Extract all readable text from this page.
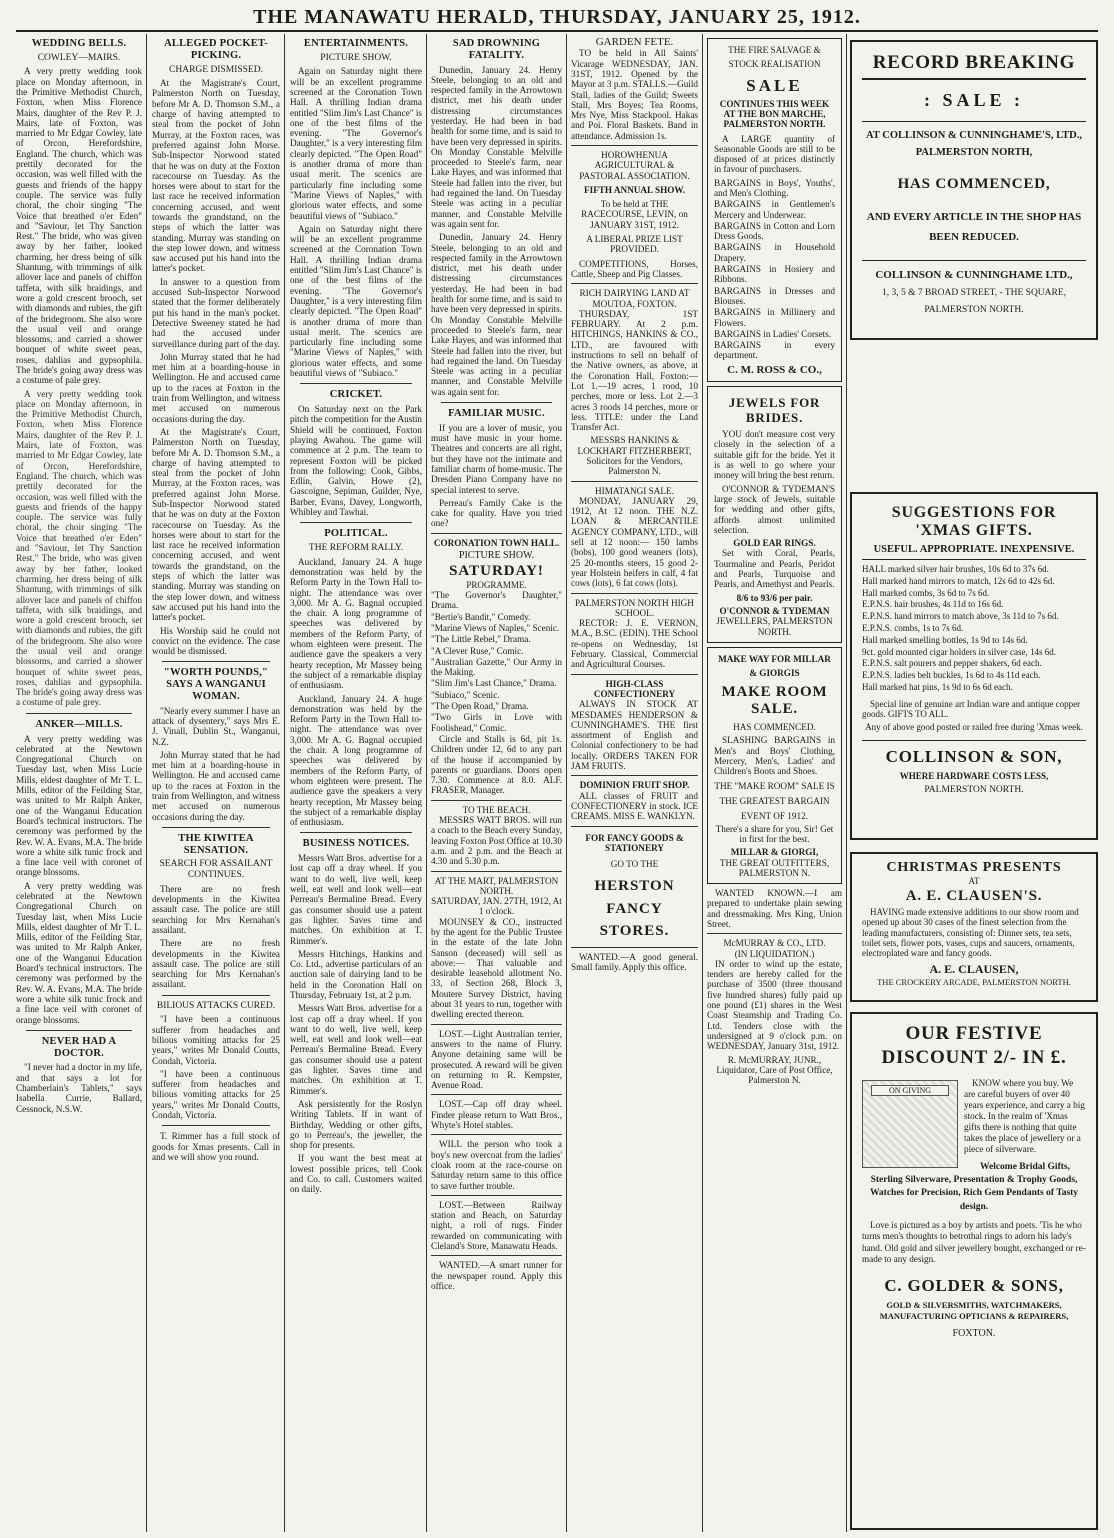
THE MANAWATU HERALD, THURSDAY, JANUARY 25, 1912.
WEDDING BELLS.
COWLEY—MAIRS.

A very pretty wedding took place on Monday afternoon, in the Primitive Methodist Church, Foxton, when Miss Florence Mairs, daughter of the Rev P. J. Mairs, late of Foxton, was married to Mr Edgar Cowley, late of Orcon, Herefordshire, England. The church, which was prettily decorated for the occasion, was well filled with the guests and friends of the happy couple. The service was fully choral, the choir singing "The Voice that breathed o'er Eden" and "Saviour, let Thy Sanction Rest." The bride, who was given away by her father, looked charming, her dress being of silk Shantung, with trimmings of silk allover lace and panels of chiffon taffeta, with silk braidings, and wore a gold crescent brooch, set with diamonds and rubies, the gift of the bridegroom. She also wore the usual veil and orange blossoms, and carried a shower bouquet of white sweet peas, roses, dahlias and gypsophila. The bride's going away dress was a costume of pale grey.

A very pretty wedding took place on Monday afternoon, in the Primitive Methodist Church, Foxton, when Miss Florence Mairs, daughter of the Rev P. J. Mairs, late of Foxton, was married to Mr Edgar Cowley, late of Orcon, Herefordshire, England. The church, which was prettily decorated for the occasion, was well filled with the guests and friends of the happy couple. The service was fully choral, the choir singing "The Voice that breathed o'er Eden" and "Saviour, let Thy Sanction Rest." The bride, who was given away by her father, looked charming, her dress being of silk Shantung, with trimmings of silk allover lace and panels of chiffon taffeta, with silk braidings, and wore a gold crescent brooch, set with diamonds and rubies, the gift of the bridegroom. She also wore the usual veil and orange blossoms, and carried a shower bouquet of white sweet peas, roses, dahlias and gypsophila. The bride's going away dress was a costume of pale grey.

ANKER—MILLS.

A very pretty wedding was celebrated at the Newtown Congregational Church on Tuesday last, when Miss Lucie Mills, eldest daughter of Mr T. L. Mills, editor of the Feilding Star, was united to Mr Ralph Anker, one of the Wanganui Education Board's technical instructors. The ceremony was performed by the Rev. W. A. Evans, M.A. The bride wore a white silk tunic frock and a fine lace veil with coronet of orange blossoms.

A very pretty wedding was celebrated at the Newtown Congregational Church on Tuesday last, when Miss Lucie Mills, eldest daughter of Mr T. L. Mills, editor of the Feilding Star, was united to Mr Ralph Anker, one of the Wanganui Education Board's technical instructors. The ceremony was performed by the Rev. W. A. Evans, M.A. The bride wore a white silk tunic frock and a fine lace veil with coronet of orange blossoms.

NEVER HAD A DOCTOR.

"I never had a doctor in my life, and that says a lot for Chamberlain's Tablets," says Isabella Currie, Ballard, Cessnock, N.S.W.

ALLEGED POCKET-PICKING.
CHARGE DISMISSED.

At the Magistrate's Court, Palmerston North on Tuesday, before Mr A. D. Thomson S.M., a charge of having attempted to steal from the pocket of John Murray, at the Foxton races, was preferred against John Morse. Sub-Inspector Norwood stated that he was on duty at the Foxton racecourse on Tuesday. As the horses were about to start for the last race he received information concerning accused, and went towards the grandstand, on the steps of which the latter was standing. Murray was standing on the step lower down, and witness saw accused put his hand into the latter's pocket.

In answer to a question from accused Sub-Inspector Norwood stated that the former deliberately put his hand in the man's pocket. Detective Sweeney stated he had had the accused under surveillance during part of the day.

John Murray stated that he had met him at a boarding-house in Wellington. He and accused came up to the races at Foxton in the train from Wellington, and witness met accused on numerous occasions during the day.

At the Magistrate's Court, Palmerston North on Tuesday, before Mr A. D. Thomson S.M., a charge of having attempted to steal from the pocket of John Murray, at the Foxton races, was preferred against John Morse. Sub-Inspector Norwood stated that he was on duty at the Foxton racecourse on Tuesday. As the horses were about to start for the last race he received information concerning accused, and went towards the grandstand, on the steps of which the latter was standing. Murray was standing on the step lower down, and witness saw accused put his hand into the latter's pocket.

His Worship said he could not convict on the evidence. The case would be dismissed.

"WORTH POUNDS," SAYS A WANGANUI WOMAN.

"Nearly every summer I have an attack of dysentery," says Mrs E. J. Vinall, Dublin St., Wanganui, N.Z.

John Murray stated that he had met him at a boarding-house in Wellington. He and accused came up to the races at Foxton in the train from Wellington, and witness met accused on numerous occasions during the day.

THE KIWITEA SENSATION.
SEARCH FOR ASSAILANT CONTINUES.

There are no fresh developments in the Kiwitea assault case. The police are still searching for Mrs Kernahan's assailant.

There are no fresh developments in the Kiwitea assault case. The police are still searching for Mrs Kernahan's assailant.

BILIOUS ATTACKS CURED.

"I have been a continuous sufferer from headaches and bilious vomiting attacks for 25 years," writes Mr Donald Coutts, Condah, Victoria.

"I have been a continuous sufferer from headaches and bilious vomiting attacks for 25 years," writes Mr Donald Coutts, Condah, Victoria.

T. Rimmer has a full stock of goods for Xmas presents. Call in and we will show you round.

ENTERTAINMENTS.
PICTURE SHOW.

Again on Saturday night there will be an excellent programme screened at the Coronation Town Hall. A thrilling Indian drama entitled "Slim Jim's Last Chance" is one of the best films of the evening. "The Governor's Daughter," is a very interesting film clearly depicted. "The Open Road" is another drama of more than usual merit. The scenics are particularly fine including some "Marine Views of Naples," with glorious water effects, and some beautiful views of "Subiaco."

Again on Saturday night there will be an excellent programme screened at the Coronation Town Hall. A thrilling Indian drama entitled "Slim Jim's Last Chance" is one of the best films of the evening. "The Governor's Daughter," is a very interesting film clearly depicted. "The Open Road" is another drama of more than usual merit. The scenics are particularly fine including some "Marine Views of Naples," with glorious water effects, and some beautiful views of "Subiaco."

CRICKET.

On Saturday next on the Park pitch the competition for the Austin Shield will be continued, Foxton playing Awahou. The game will commence at 2 p.m. The team to represent Foxton will be picked from the following: Cook, Gibbs, Edlin, Galvin, Howe (2), Gascoigne, Sepiman, Guilder, Nye, Barber, Evans, Davey, Longworth, Whibley and Tawhai.

POLITICAL.
THE REFORM RALLY.

Auckland, January 24. A huge demonstration was held by the Reform Party in the Town Hall to-night. The attendance was over 3,000. Mr A. G. Bagnal occupied the chair. A long programme of speeches was delivered by members of the Reform Party, of whom eighteen were present. The audience gave the speakers a very hearty reception, Mr Massey being the subject of a remarkable display of enthusiasm.

Auckland, January 24. A huge demonstration was held by the Reform Party in the Town Hall to-night. The attendance was over 3,000. Mr A. G. Bagnal occupied the chair. A long programme of speeches was delivered by members of the Reform Party, of whom eighteen were present. The audience gave the speakers a very hearty reception, Mr Massey being the subject of a remarkable display of enthusiasm.

BUSINESS NOTICES.

Messrs Watt Bros. advertise for a lost cap off a dray wheel. If you want to do well, live well, keep well, eat well and look well—eat Perreau's Bermaline Bread. Every gas consumer should use a patent gas lighter. Saves time and matches. On exhibition at T. Rimmer's.

Messrs Hitchings, Hankins and Co. Ltd., advertise particulars of an auction sale of dairying land to be held in the Coronation Hall on Thursday, February 1st, at 2 p.m.

Messrs Watt Bros. advertise for a lost cap off a dray wheel. If you want to do well, live well, keep well, eat well and look well—eat Perreau's Bermaline Bread. Every gas consumer should use a patent gas lighter. Saves time and matches. On exhibition at T. Rimmer's.

Ask persistently for the Roslyn Writing Tablets. If in want of Birthday, Wedding or other gifts, go to Perreau's, the jeweller, the shop for presents.

If you want the best meat at lowest possible prices, tell Cook and Co. to call. Customers waited on daily.

SAD DROWNING FATALITY.

Dunedin, January 24. Henry Steele, belonging to an old and respected family in the Arrowtown district, met his death under distressing circumstances yesterday. He had been in bad health for some time, and is said to have been very depressed in spirits. On Monday Constable Melville proceeded to Steele's farm, near Lake Hayes, and was informed that Steele had fallen into the river, but had regained the land. On Tuesday Steele was acting in a peculiar manner, and Constable Melville was again sent for.

Dunedin, January 24. Henry Steele, belonging to an old and respected family in the Arrowtown district, met his death under distressing circumstances yesterday. He had been in bad health for some time, and is said to have been very depressed in spirits. On Monday Constable Melville proceeded to Steele's farm, near Lake Hayes, and was informed that Steele had fallen into the river, but had regained the land. On Tuesday Steele was acting in a peculiar manner, and Constable Melville was again sent for.

FAMILIAR MUSIC.

If you are a lover of music, you must have music in your home. Theatres and concerts are all right, but they have not the intimate and familiar charm of home-music. The Dresden Piano Company have no special interest to serve.

Perreau's Family Cake is the cake for quality. Have you tried one?

CORONATION TOWN HALL.
PICTURE SHOW.
SATURDAY!
PROGRAMME.
"The Governor's Daughter," Drama.
"Bertie's Bandit," Comedy.
"Marine Views of Naples," Scenic.
"The Little Rebel," Drama.
"A Clever Ruse," Comic.
"Australian Gazette," Our Army in the Making.
"Slim Jim's Last Chance," Drama.
"Subiaco," Scenic.
"The Open Road," Drama.
"Two Girls in Love with Foolishead," Comic.

Circle and Stalls is 6d, pit 1s. Children under 12, 6d to any part of the house if accompanied by parents or guardians. Doors open 7.30. Commence at 8.0. ALF. FRASER, Manager.

TO THE BEACH.

MESSRS WATT BROS. will run a coach to the Beach every Sunday, leaving Foxton Post Office at 10.30 a.m. and 2 p.m. and the Beach at 4.30 and 5.30 p.m.

AT THE MART, PALMERSTON NORTH.
SATURDAY, JAN. 27TH, 1912, At 1 o'clock.

MOUNSEY & CO., instructed by the agent for the Public Trustee in the estate of the late John Sanson (deceased) will sell as above:— That valuable and desirable leasehold allotment No. 33, of Section 268, Block 3, Moutere Survey District, having about 31 years to run, together with dwelling erected thereon.

LOST.—Light Australian terrier, answers to the name of Flurry. Anyone detaining same will be prosecuted. A reward will be given on returning to R. Kempster, Avenue Road.

LOST.—Cap off dray wheel. Finder please return to Watt Bros., Whyte's Hotel stables.

WILL the person who took a boy's new overcoat from the ladies' cloak room at the race-course on Saturday return same to this office to save further trouble.

LOST.—Between Railway station and Beach, on Saturday night, a roll of rugs. Finder rewarded on communicating with Cleland's Store, Manawatu Heads.

WANTED.—A smart runner for the newspaper round. Apply this office.

GARDEN FETE.

TO be held in All Saints' Vicarage WEDNESDAY, JAN. 31ST, 1912. Opened by the Mayor at 3 p.m. STALLS.—Guild Stall, ladies of the Guild; Sweets Stall, Mrs Boyes; Tea Rooms, Mrs Nye, Miss Stackpool. Hakas and Poi. Floral Baskets. Band in attendance. Admission 1s.

HOROWHENUA AGRICULTURAL & PASTORAL ASSOCIATION.
FIFTH ANNUAL SHOW.
To be held at THE RACECOURSE, LEVIN, on JANUARY 31ST, 1912.
A LIBERAL PRIZE LIST PROVIDED.

COMPETITIONS, Horses, Cattle, Sheep and Pig Classes.

RICH DAIRYING LAND AT MOUTOA, FOXTON.

THURSDAY, 1ST FEBRUARY. At 2 p.m. HITCHINGS, HANKINS & CO., LTD., are favoured with instructions to sell on behalf of the Native owners, as above, at the Coronation Hall, Foxton:— Lot 1.—19 acres, 1 rood, 10 perches, more or less. Lot 2.—3 acres 3 roods 14 perches, more or less. TITLE: under the Land Transfer Act.

MESSRS HANKINS & LOCKHART FITZHERBERT, Solicitors for the Vendors, Palmerston N.
HIMATANGI SALE.

MONDAY, JANUARY 29, 1912, At 12 noon. THE N.Z. LOAN & MERCANTILE AGENCY COMPANY, LTD., will sell at 12 noon:— 150 lambs (bobs), 100 good weaners (lots), 25 20-months steers, 15 good 2-year Holstein heifers in calf, 4 fat cows (lots), 6 fat cows (lots).

PALMERSTON NORTH HIGH SCHOOL.

RECTOR: J. E. VERNON, M.A., B.SC. (EDIN). THE School re-opens on Wednesday, 1st February. Classical, Commercial and Agricultural Courses.

HIGH-CLASS CONFECTIONERY

ALWAYS IN STOCK AT MESDAMES HENDERSON & CUNNINGHAME'S. THE first assortment of English and Colonial confectionery to be had locally. ORDERS TAKEN FOR JAM FRUITS.

DOMINION FRUIT SHOP.

ALL classes of FRUIT and CONFECTIONERY in stock. ICE CREAMS. MISS E. WANKLYN.

FOR FANCY GOODS & STATIONERY
GO TO THE
HERSTON FANCY STORES.

WANTED.—A good general. Small family. Apply this office.

THE FIRE SALVAGE & STOCK REALISATION
SALE
CONTINUES THIS WEEK AT THE BON MARCHE, PALMERSTON NORTH.

A LARGE quantity of Seasonable Goods are still to be disposed of at prices distinctly in favour of purchasers.

BARGAINS in Boys', Youths', and Men's Clothing.
BARGAINS in Gentlemen's Mercery and Underwear.
BARGAINS in Cotton and Lorn Dress Goods.
BARGAINS in Household Drapery.
BARGAINS in Hosiery and Ribbons.
BARGAINS in Dresses and Blouses.
BARGAINS in Millinery and Flowers.
BARGAINS in Ladies' Corsets.
BARGAINS in every department.
C. M. ROSS & CO.,
JEWELS FOR BRIDES.

YOU don't measure cost very closely in the selection of a suitable gift for the bride. Yet it is as well to go where your money will bring the best return.

O'CONNOR & TYDEMAN'S large stock of Jewels, suitable for wedding and other gifts, affords almost unlimited selection.

GOLD EAR RINGS.

Set with Coral, Pearls, Tourmaline and Pearls, Peridot and Pearls, Turquoise and Pearls, and Amethyst and Pearls.

8/6 to 93/6 per pair.
O'CONNOR & TYDEMAN
JEWELLERS, PALMERSTON NORTH.
MAKE WAY FOR MILLAR & GIORGIS
MAKE ROOM SALE.
HAS COMMENCED.

SLASHING BARGAINS in Men's and Boys' Clothing, Mercery, Men's, Ladies' and Children's Boots and Shoes.

THE "MAKE ROOM" SALE IS THE GREATEST BARGAIN EVENT OF 1912.
There's a share for you, Sir! Get in first for the best.
MILLAR & GIORGI,
THE GREAT OUTFITTERS, PALMERSTON N.

WANTED KNOWN.—I am prepared to undertake plain sewing and dressmaking. Mrs King, Union Street.

McMURRAY & CO., LTD.
(IN LIQUIDATION.)

IN order to wind up the estate, tenders are hereby called for the purchase of 3500 (three thousand five hundred shares) fully paid up one pound (£1) shares in the West Coast Steamship and Trading Co. Ltd. Tenders close with the undersigned at 9 o'clock p.m. on WEDNESDAY, January 31st, 1912.

R. McMURRAY, JUNR., Liquidator, Care of Post Office, Palmerston N.
RECORD BREAKING
: SALE :
AT COLLINSON & CUNNINGHAME'S, LTD., PALMERSTON NORTH,
HAS COMMENCED,
AND EVERY ARTICLE IN THE SHOP HAS BEEN REDUCED.
COLLINSON & CUNNINGHAME LTD.,
1, 3, 5 & 7 BROAD STREET, - THE SQUARE, PALMERSTON NORTH.
SUGGESTIONS FOR 'XMAS GIFTS.
USEFUL. APPROPRIATE. INEXPENSIVE.
HALL marked silver hair brushes, 10s 6d to 37s 6d.
Hall marked hand mirrors to match, 12s 6d to 42s 6d.
Hall marked combs, 3s 6d to 7s 6d.
E.P.N.S. hair brushes, 4s 11d to 16s 6d.
E.P.N.S. hand mirrors to match above, 3s 11d to 7s 6d.
E.P.N.S. combs, 1s to 7s 6d.
Hall marked smelling bottles, 1s 9d to 14s 6d.
9ct. gold mounted cigar holders in silver case, 14s 6d.
E.P.N.S. salt pourers and pepper shakers, 6d each.
E.P.N.S. ladies belt buckles, 1s 6d to 4s 11d each.
Hall marked hat pins, 1s 9d to 6s 6d each.

Special line of genuine art Indian ware and antique copper goods. GIFTS TO ALL.

Any of above good posted or railed free during 'Xmas week.

COLLINSON & SON,
WHERE HARDWARE COSTS LESS,
PALMERSTON NORTH.
CHRISTMAS PRESENTS
AT
A. E. CLAUSEN'S.

HAVING made extensive additions to our show room and opened up about 30 cases of the finest selection from the leading manufacturers, consisting of: Dinner sets, tea sets, toilet sets, flower pots, vases, cups and saucers, ornaments, electroplated ware and fancy goods.

A. E. CLAUSEN,
THE CROCKERY ARCADE, PALMERSTON NORTH.
OUR FESTIVE DISCOUNT 2/- IN £.
ON GIVING

KNOW where you buy. We are careful buyers of over 40 years experience, and carry a big stock. In the realm of 'Xmas gifts there is nothing that quite takes the place of jewellery or a piece of silverware.

Welcome Bridal Gifts, Sterling Silverware, Presentation & Trophy Goods, Watches for Precision, Rich Gem Pendants of Tasty design.

Love is pictured as a boy by artists and poets. 'Tis he who turns men's thoughts to betrothal rings to adorn his lady's hand. Old gold and silver jewellery bought, exchanged or re-made to any design.

C. GOLDER & SONS,
GOLD & SILVERSMITHS, WATCHMAKERS, MANUFACTURING OPTICIANS & REPAIRERS,
FOXTON.
